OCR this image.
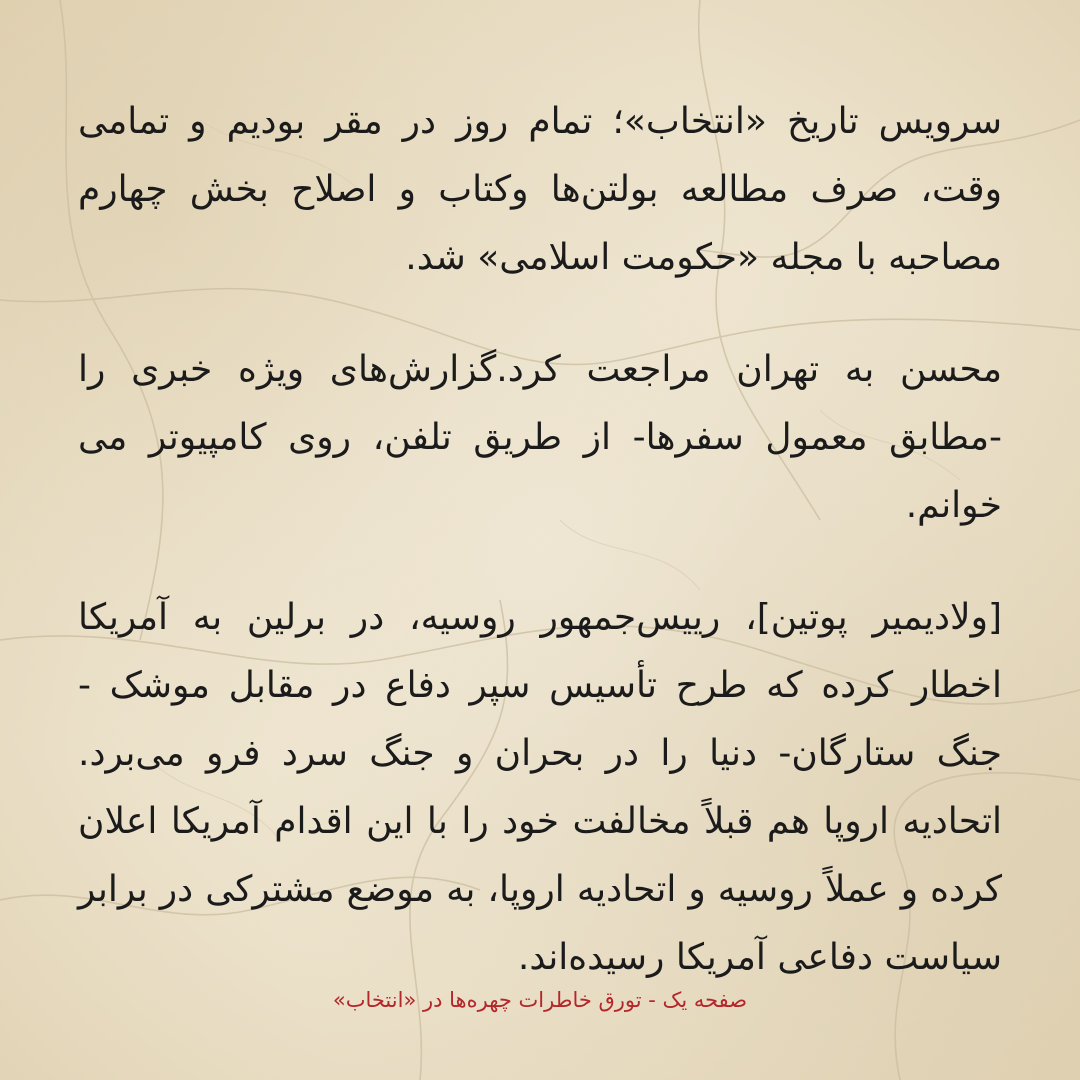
سرویس تاریخ «انتخاب»؛ تمام روز در مقر بودیم و تمامی وقت، صرف مطالعه بولتن‌ها وکتاب و اصلاح بخش چهارم مصاحبه با مجله «حکومت اسلامی» شد.

محسن به تهران مراجعت کرد.گزارش‌های ویژه خبری را -مطابق معمول سفرها- از طریق تلفن، روی کامپیوتر می خوانم.

[ولادیمیر پوتین]، رییس‌جمهور روسیه، در برلین به آمریکا اخطار کرده که طرح تأسیس سپر دفاع در مقابل موشک - جنگ ستارگان- دنیا را در بحران و جنگ سرد فرو می‌برد. اتحادیه اروپا هم قبلاً مخالفت خود را با این اقدام آمریکا اعلان کرده و عملاً روسیه و اتحادیه اروپا، به موضع مشترکی در برابر سیاست دفاعی آمریکا رسیده‌اند.

صفحه یک - تورق خاطرات چهره‌ها در «انتخاب»
